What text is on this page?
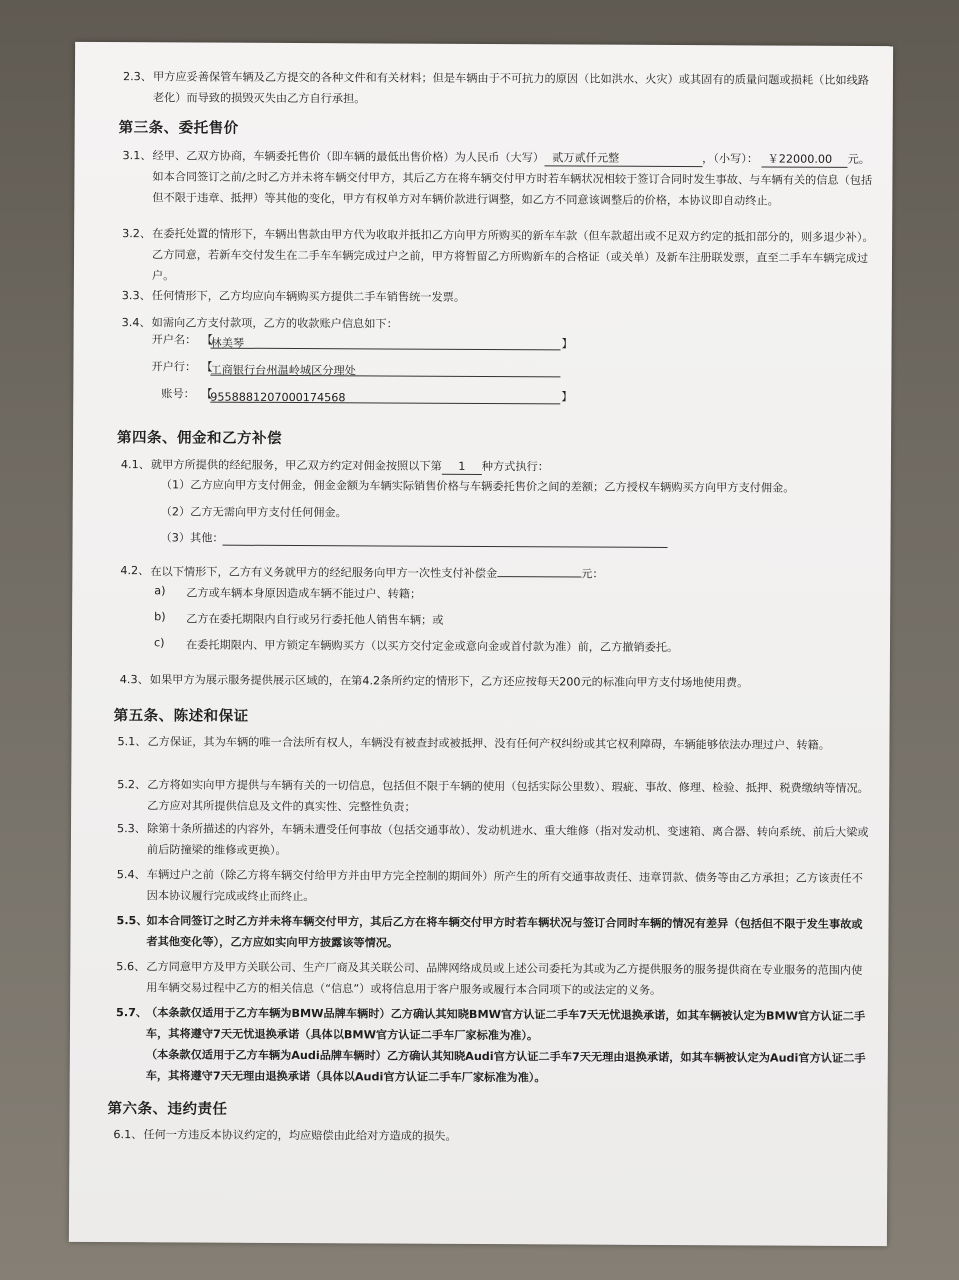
2.3、 甲方应妥善保管车辆及乙方提交的各种文件和有关材料；但是车辆由于不可抗力的原因（比如洪水、火灾）或其固有的质量问题或损耗（比如线路老化）而导致的损毁灭失由乙方自行承担。
第三条、委托售价
3.1、 经甲、乙双方协商，车辆委托售价（即车辆的最低出售价格）为人民币（大写） 贰万贰仟元整	，（小写）： ￥22000.00 元。如本合同签订之前/之时乙方并未将车辆交付甲方，其后乙方在将车辆交付甲方时若车辆状况相较于签订合同时发生事故、与车辆有关的信息（包括但不限于违章、抵押）等其他的变化，甲方有权单方对车辆价款进行调整，如乙方不同意该调整后的价格，本协议即自动终止。
3.2、 在委托处置的情形下，车辆出售款由甲方代为收取并抵扣乙方向甲方所购买的新车车款（但车款超出或不足双方约定的抵扣部分的，则多退少补）。乙方同意，若新车交付发生在二手车车辆完成过户之前，甲方将暂留乙方所购新车的合格证（或关单）及新车注册联发票，直至二手车车辆完成过户。
3.3、 任何情形下，乙方均应向车辆购买方提供二手车销售统一发票。
3.4、 如需向乙方支付款项，乙方的收款账户信息如下：
开户名： 【
林美琴	】
开户行： 【
工商银行台州温岭城区分理处
账号： 【
9558881207000174568	】
第四条、佣金和乙方补偿
4.1、 就甲方所提供的经纪服务，甲乙双方约定对佣金按照以下第 1 种方式执行：
（1）乙方应向甲方支付佣金，佣金金额为车辆实际销售价格与车辆委托售价之间的差额；乙方授权车辆购买方向甲方支付佣金。
（2）乙方无需向甲方支付任何佣金。
（3）其他：
4.2、 在以下情形下，乙方有义务就甲方的经纪服务向甲方一次性支付补偿金	元：
a) 乙方或车辆本身原因造成车辆不能过户、转籍；
b) 乙方在委托期限内自行或另行委托他人销售车辆；或
c) 在委托期限内、甲方锁定车辆购买方（以买方交付定金或意向金或首付款为准）前，乙方撤销委托。
4.3、 如果甲方为展示服务提供展示区域的，在第4.2条所约定的情形下，乙方还应按每天200元的标准向甲方支付场地使用费。
第五条、陈述和保证
5.1、 乙方保证，其为车辆的唯一合法所有权人，车辆没有被查封或被抵押、没有任何产权纠纷或其它权利障碍，车辆能够依法办理过户、转籍。
5.2、 乙方将如实向甲方提供与车辆有关的一切信息，包括但不限于车辆的使用（包括实际公里数）、瑕疵、事故、修理、检验、抵押、税费缴纳等情况。乙方应对其所提供信息及文件的真实性、完整性负责；
5.3、 除第十条所描述的内容外，车辆未遭受任何事故（包括交通事故）、发动机进水、重大维修（指对发动机、变速箱、离合器、转向系统、前后大梁或前后防撞梁的维修或更换）。
5.4、 车辆过户之前（除乙方将车辆交付给甲方并由甲方完全控制的期间外）所产生的所有交通事故责任、违章罚款、债务等由乙方承担；乙方该责任不因本协议履行完成或终止而终止。
5.5、
如本合同签订之时乙方并未将车辆交付甲方，其后乙方在将车辆交付甲方时若车辆状况与签订合同时车辆的情况有差异（包括但不限于发生事故或者其他变化等），乙方应如实向甲方披露该等情况。
5.6、 乙方同意甲方及甲方关联公司、生产厂商及其关联公司、品牌网络成员或上述公司委托为其或为乙方提供服务的服务提供商在专业服务的范围内使用车辆交易过程中乙方的相关信息（“信息”）或将信息用于客户服务或履行本合同项下的或法定的义务。
5.7、
（本条款仅适用于乙方车辆为BMW品牌车辆时）乙方确认其知晓BMW官方认证二手车7天无忧退换承诺，如其车辆被认定为BMW官方认证二手车，其将遵守7天无忧退换承诺（具体以BMW官方认证二手车厂家标准为准）。
（本条款仅适用于乙方车辆为Audi品牌车辆时）乙方确认其知晓Audi官方认证二手车7天无理由退换承诺，如其车辆被认定为Audi官方认证二手车，其将遵守7天无理由退换承诺（具体以Audi官方认证二手车厂家标准为准）。
第六条、违约责任
6.1、 任何一方违反本协议约定的，均应赔偿由此给对方造成的损失。
